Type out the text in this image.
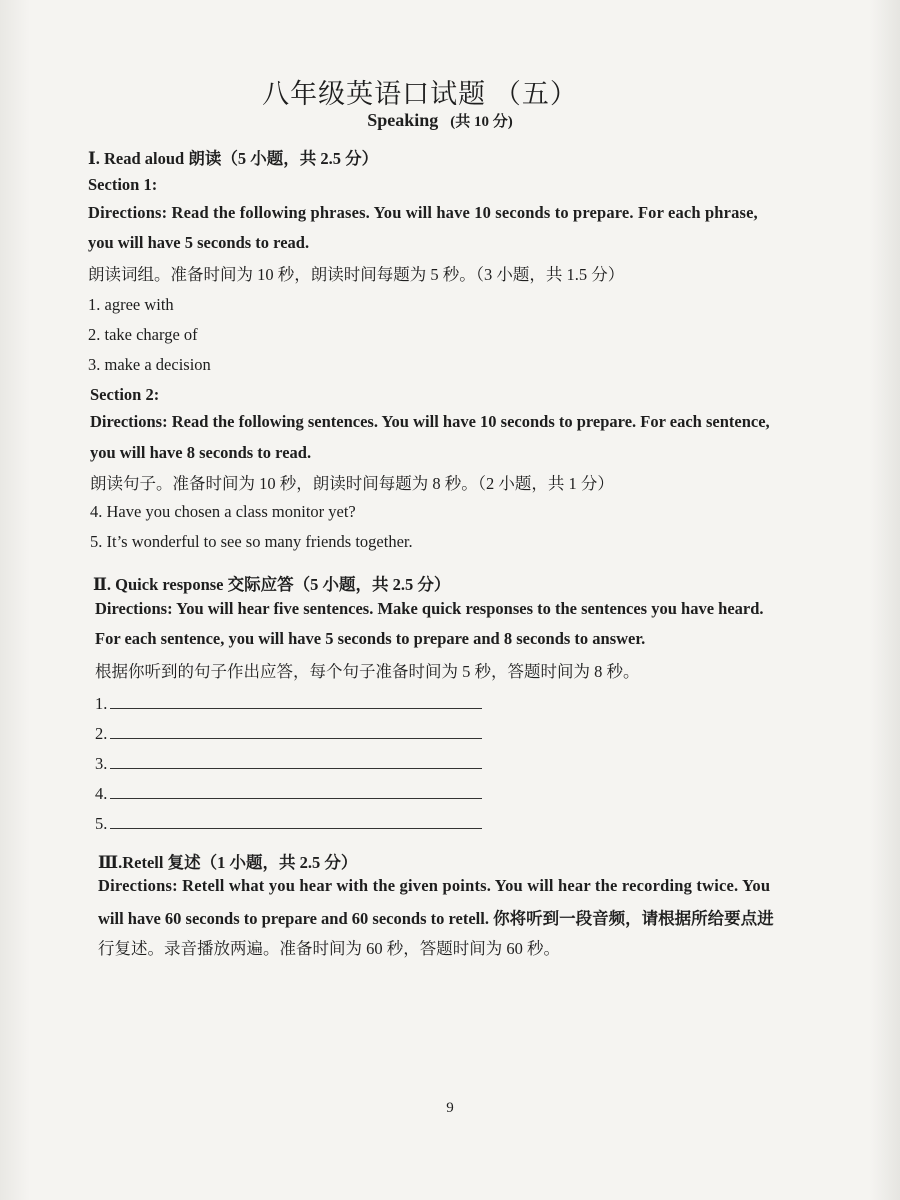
八年级英语口试题 （五）
Speaking (共 10 分)
Ⅰ. Read aloud 朗读（5 小题，共 2.5 分）
Section 1:
Directions: Read the following phrases. You will have 10 seconds to prepare. For each phrase,
you will have 5 seconds to read.
朗读词组。准备时间为 10 秒，朗读时间每题为 5 秒。（3 小题，共 1.5 分）
1. agree with
2. take charge of
3. make a decision
Section 2:
Directions: Read the following sentences. You will have 10 seconds to prepare. For each sentence,
you will have 8 seconds to read.
朗读句子。准备时间为 10 秒，朗读时间每题为 8 秒。（2 小题，共 1 分）
4. Have you chosen a class monitor yet?
5. It’s wonderful to see so many friends together.
Ⅱ. Quick response 交际应答（5 小题，共 2.5 分）
Directions: You will hear five sentences. Make quick responses to the sentences you have heard.
For each sentence, you will have 5 seconds to prepare and 8 seconds to answer.
根据你听到的句子作出应答，每个句子准备时间为 5 秒，答题时间为 8 秒。
1.
2.
3.
4.
5.
Ⅲ.Retell 复述（1 小题，共 2.5 分）
Directions: Retell what you hear with the given points. You will hear the recording twice. You
will have 60 seconds to prepare and 60 seconds to retell. 你将听到一段音频，请根据所给要点进
行复述。录音播放两遍。准备时间为 60 秒，答题时间为 60 秒。
9
